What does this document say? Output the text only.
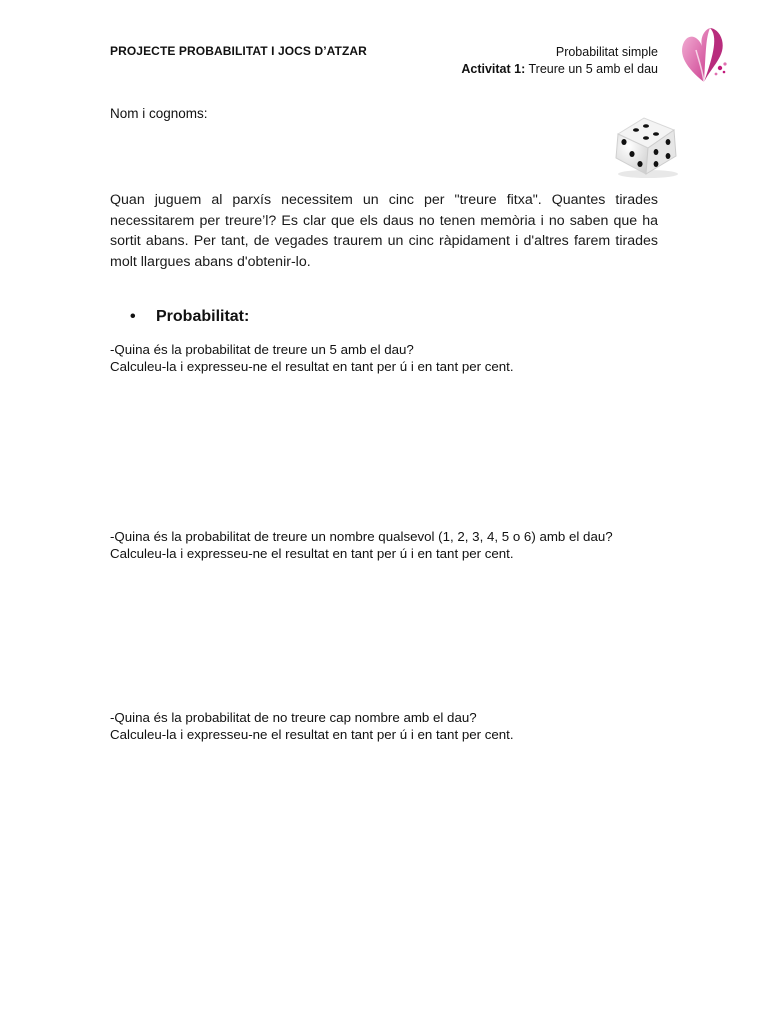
PROJECTE PROBABILITAT I JOCS D’ATZAR	Probabilitat simple
Activitat 1: Treure un 5 amb el dau
Nom i cognoms:
Quan juguem al parxís necessitem un cinc per "treure fitxa". Quantes tirades necessitarem per treure’l? Es clar que els daus no tenen memòria i no saben que ha sortit abans. Per tant, de vegades traurem un cinc ràpidament i d'altres farem tirades molt llargues abans d'obtenir-lo.
• Probabilitat:
-Quina és la probabilitat de treure un 5 amb el dau?
Calculeu-la i expresseu-ne el resultat en tant per ú i en tant per cent.
-Quina és la probabilitat de treure un nombre qualsevol (1, 2, 3, 4, 5 o 6) amb el dau?
Calculeu-la i expresseu-ne el resultat en tant per ú i en tant per cent.
-Quina és la probabilitat de no treure cap nombre amb el dau?
Calculeu-la i expresseu-ne el resultat en tant per ú i en tant per cent.
